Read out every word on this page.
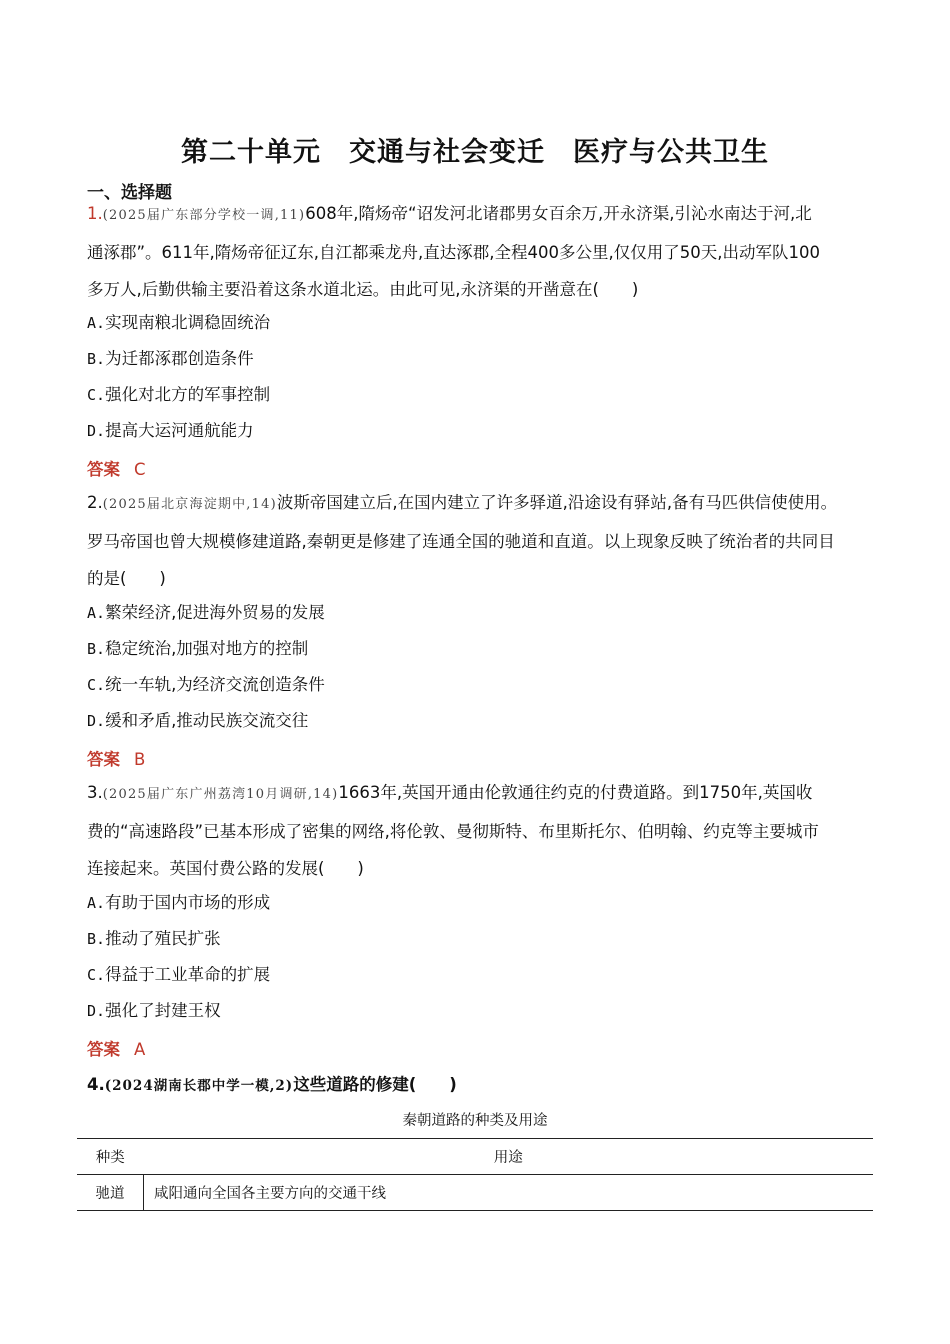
第二十单元　交通与社会变迁　医疗与公共卫生
一、选择题
1.(2025届广东部分学校一调,11)608年,隋炀帝“诏发河北诸郡男女百余万,开永济渠,引沁水南达于河,北
通涿郡”。611年,隋炀帝征辽东,自江都乘龙舟,直达涿郡,全程400多公里,仅仅用了50天,出动军队100
多万人,后勤供输主要沿着这条水道北运。由此可见,永济渠的开凿意在(　　)
A.实现南粮北调稳固统治
B.为迁都涿郡创造条件
C.强化对北方的军事控制
D.提高大运河通航能力
答案 C
2.(2025届北京海淀期中,14)波斯帝国建立后,在国内建立了许多驿道,沿途设有驿站,备有马匹供信使使用。
罗马帝国也曾大规模修建道路,秦朝更是修建了连通全国的驰道和直道。以上现象反映了统治者的共同目
的是(　　)
A.繁荣经济,促进海外贸易的发展
B.稳定统治,加强对地方的控制
C.统一车轨,为经济交流创造条件
D.缓和矛盾,推动民族交流交往
答案 B
3.(2025届广东广州荔湾10月调研,14)1663年,英国开通由伦敦通往约克的付费道路。到1750年,英国收
费的“高速路段”已基本形成了密集的网络,将伦敦、曼彻斯特、布里斯托尔、伯明翰、约克等主要城市
连接起来。英国付费公路的发展(　　)
A.有助于国内市场的形成
B.推动了殖民扩张
C.得益于工业革命的扩展
D.强化了封建王权
答案 A
4.(2024湖南长郡中学一模,2)这些道路的修建(　　)
秦朝道路的种类及用途
种类	用途
驰道	咸阳通向全国各主要方向的交通干线
